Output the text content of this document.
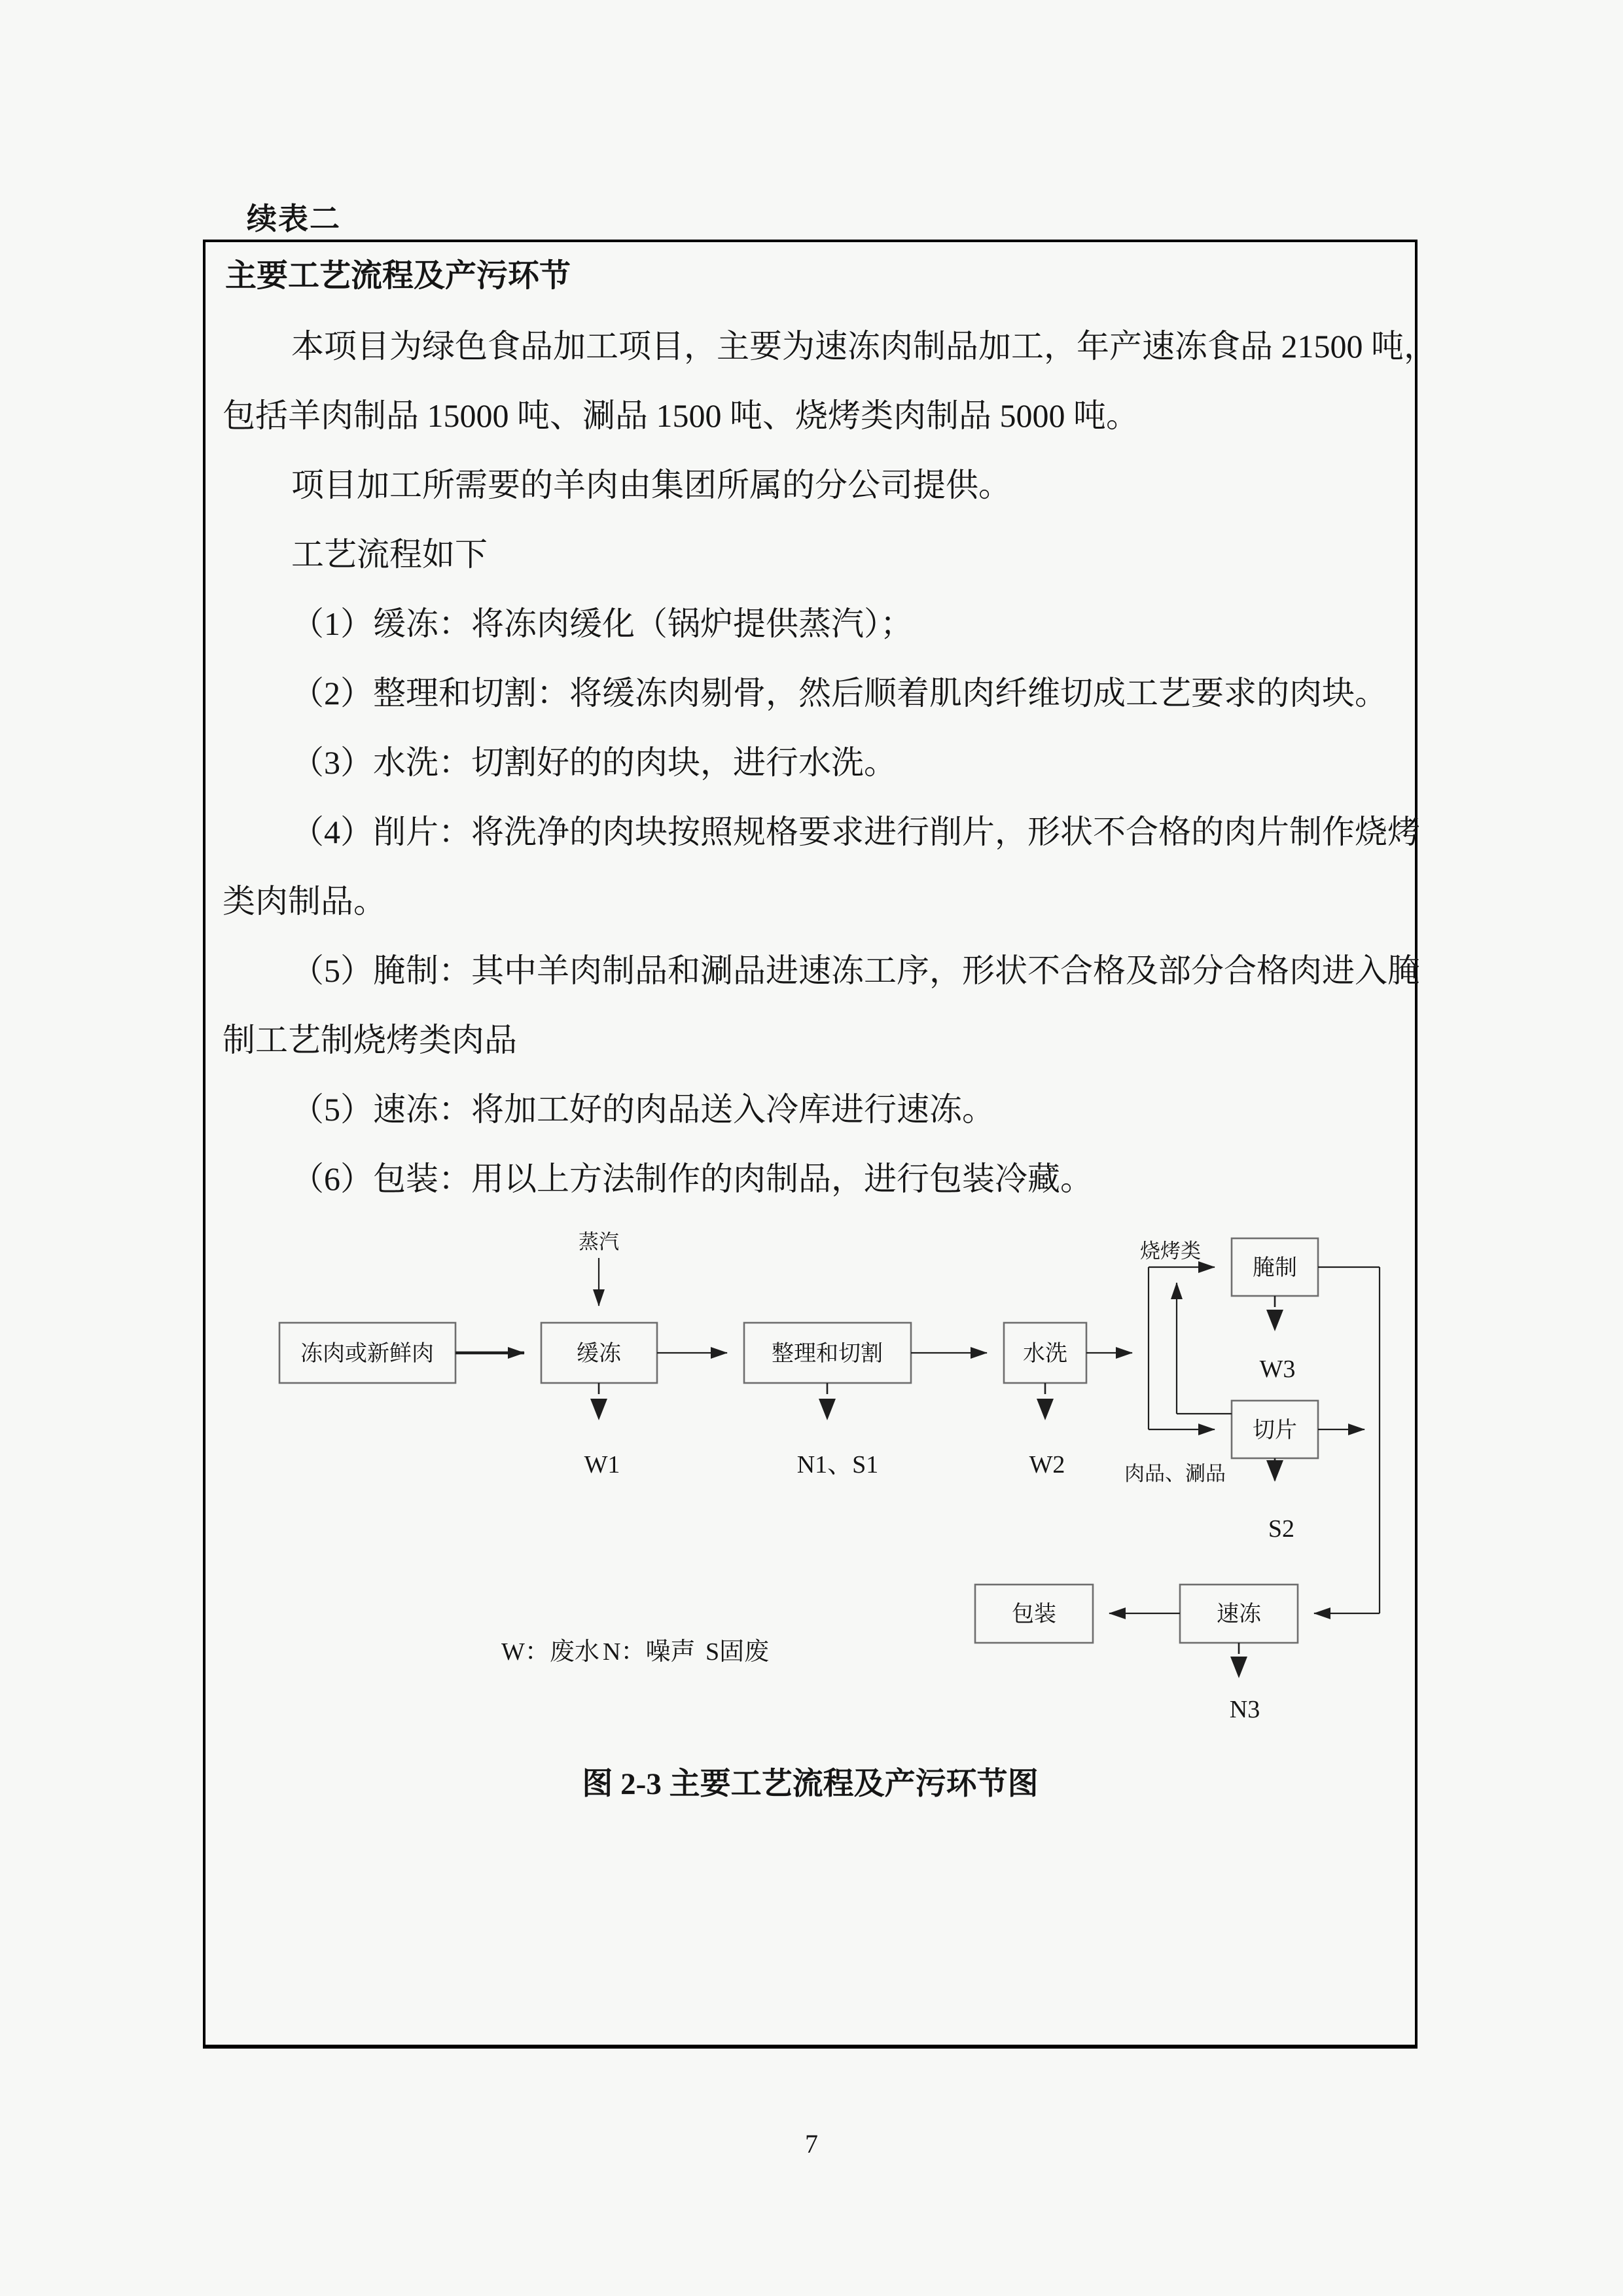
续表二
主要工艺流程及产污环节
本项目为绿色食品加工项目，主要为速冻肉制品加工，年产速冻食品 21500 吨，
包括羊肉制品 15000 吨、涮品 1500 吨、烧烤类肉制品 5000 吨。
项目加工所需要的羊肉由集团所属的分公司提供。
工艺流程如下
（1）缓冻：将冻肉缓化（锅炉提供蒸汽）；
（2）整理和切割：将缓冻肉剔骨，然后顺着肌肉纤维切成工艺要求的肉块。
（3）水洗：切割好的的肉块，进行水洗。
（4）削片：将洗净的肉块按照规格要求进行削片，形状不合格的肉片制作烧烤
类肉制品。
（5）腌制：其中羊肉制品和涮品进速冻工序，形状不合格及部分合格肉进入腌
制工艺制烧烤类肉品
（5）速冻：将加工好的肉品送入冷库进行速冻。
（6）包装：用以上方法制作的肉制品，进行包装冷藏。
蒸汽
冻肉或新鲜肉	缓冻	整理和切割	水洗
腌制
切片
速冻
包装
烧烤类
肉品、涮品
W1	N1、S1	W2
W3
S2
N3
W：废水 N：噪声 S固废
图 2-3 主要工艺流程及产污环节图
7
